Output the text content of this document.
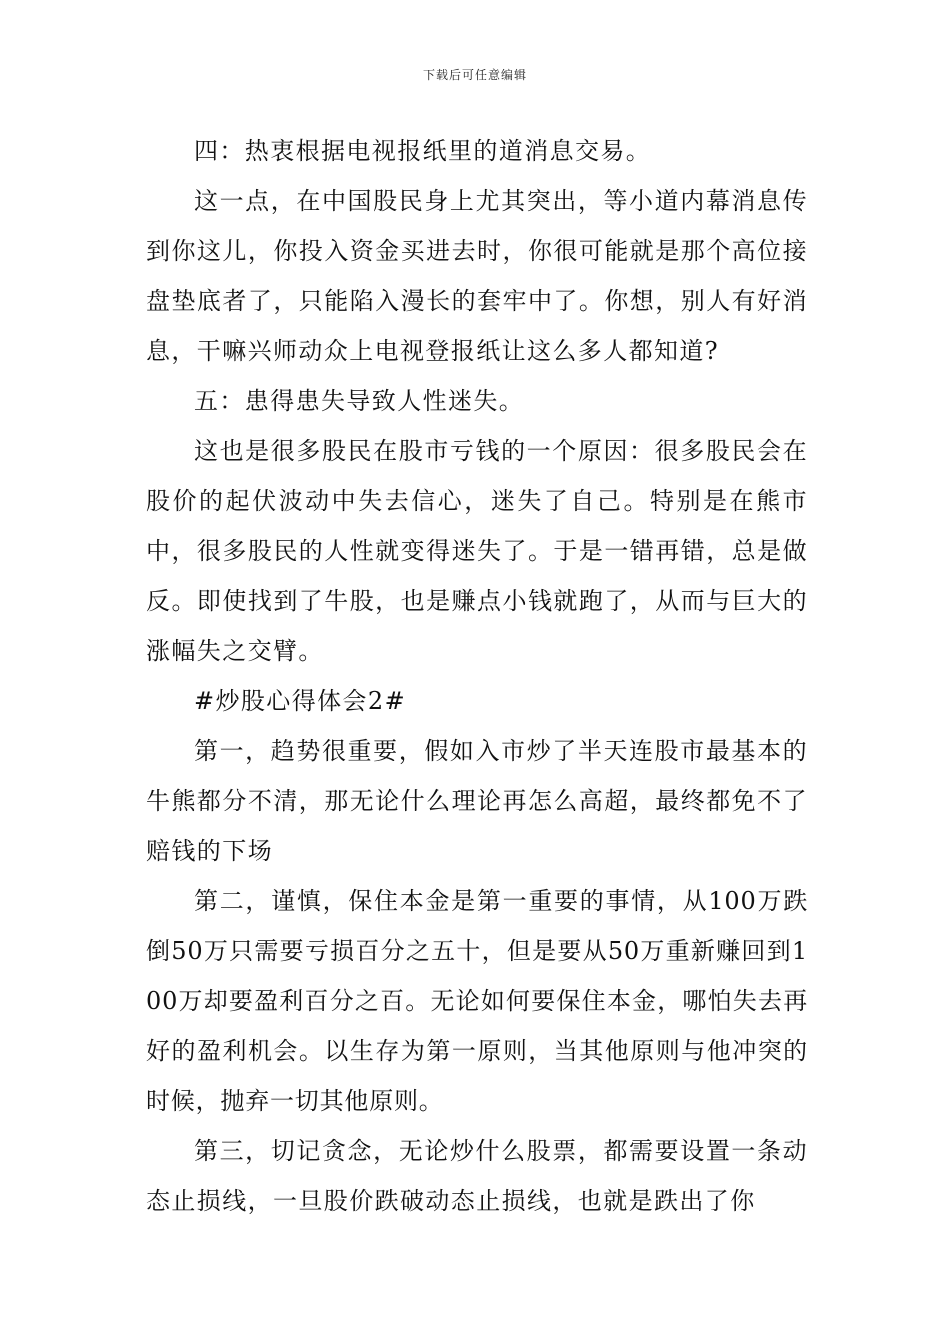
下载后可任意编辑

四：热衷根据电视报纸里的道消息交易。

这一点，在中国股民身上尤其突出，等小道内幕消息传到你这儿，你投入资金买进去时，你很可能就是那个高位接盘垫底者了，只能陷入漫长的套牢中了。你想，别人有好消息，干嘛兴师动众上电视登报纸让这么多人都知道?

五：患得患失导致人性迷失。

这也是很多股民在股市亏钱的一个原因：很多股民会在股价的起伏波动中失去信心，迷失了自己。特别是在熊市中，很多股民的人性就变得迷失了。于是一错再错，总是做反。即使找到了牛股，也是赚点小钱就跑了，从而与巨大的涨幅失之交臂。

#炒股心得体会2#

第一，趋势很重要，假如入市炒了半天连股市最基本的牛熊都分不清，那无论什么理论再怎么高超，最终都免不了赔钱的下场

第二，谨慎，保住本金是第一重要的事情，从100万跌倒50万只需要亏损百分之五十，但是要从50万重新赚回到100万却要盈利百分之百。无论如何要保住本金，哪怕失去再好的盈利机会。以生存为第一原则，当其他原则与他冲突的时候，抛弃一切其他原则。

第三，切记贪念，无论炒什么股票，都需要设置一条动态止损线，一旦股价跌破动态止损线，也就是跌出了你
